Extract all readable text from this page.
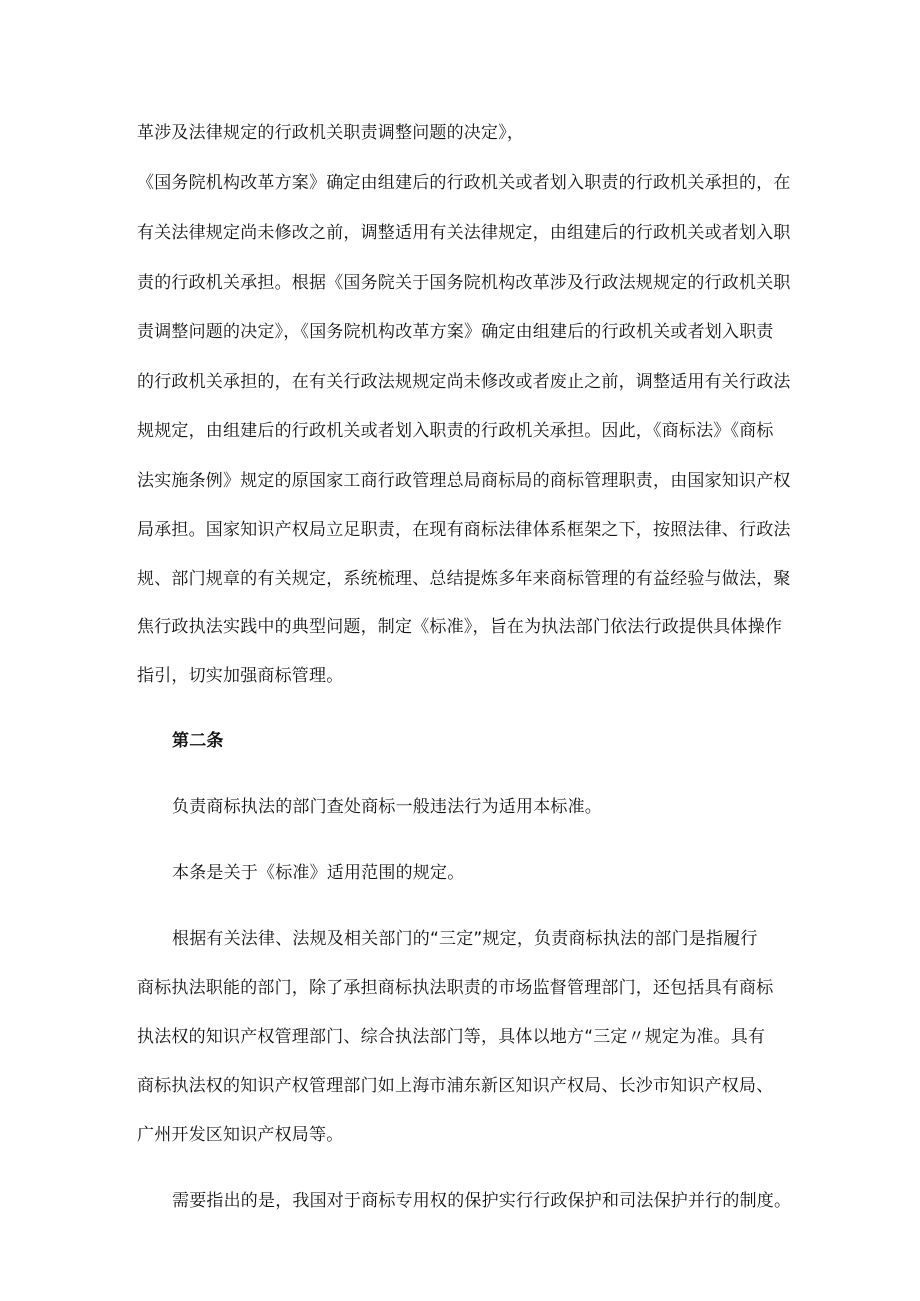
革涉及法律规定的行政机关职责调整问题的决定》，
《国务院机构改革方案》确定由组建后的行政机关或者划入职责的行政机关承担的，在
有关法律规定尚未修改之前，调整适用有关法律规定，由组建后的行政机关或者划入职
责的行政机关承担。根据《国务院关于国务院机构改革涉及行政法规规定的行政机关职
责调整问题的决定》，《国务院机构改革方案》确定由组建后的行政机关或者划入职责
的行政机关承担的，在有关行政法规规定尚未修改或者废止之前，调整适用有关行政法
规规定，由组建后的行政机关或者划入职责的行政机关承担。因此，《商标法》《商标
法实施条例》规定的原国家工商行政管理总局商标局的商标管理职责，由国家知识产权
局承担。国家知识产权局立足职责，在现有商标法律体系框架之下，按照法律、行政法
规、部门规章的有关规定，系统梳理、总结提炼多年来商标管理的有益经验与做法，聚
焦行政执法实践中的典型问题，制定《标准》，旨在为执法部门依法行政提供具体操作
指引，切实加强商标管理。
第二条
负责商标执法的部门查处商标一般违法行为适用本标准。
本条是关于《标准》适用范围的规定。
根据有关法律、法规及相关部门的“三定”规定，负责商标执法的部门是指履行
商标执法职能的部门，除了承担商标执法职责的市场监督管理部门，还包括具有商标
执法权的知识产权管理部门、综合执法部门等，具体以地方“三定〃规定为准。具有
商标执法权的知识产权管理部门如上海市浦东新区知识产权局、长沙市知识产权局、
广州开发区知识产权局等。
需要指出的是，我国对于商标专用权的保护实行行政保护和司法保护并行的制度。
